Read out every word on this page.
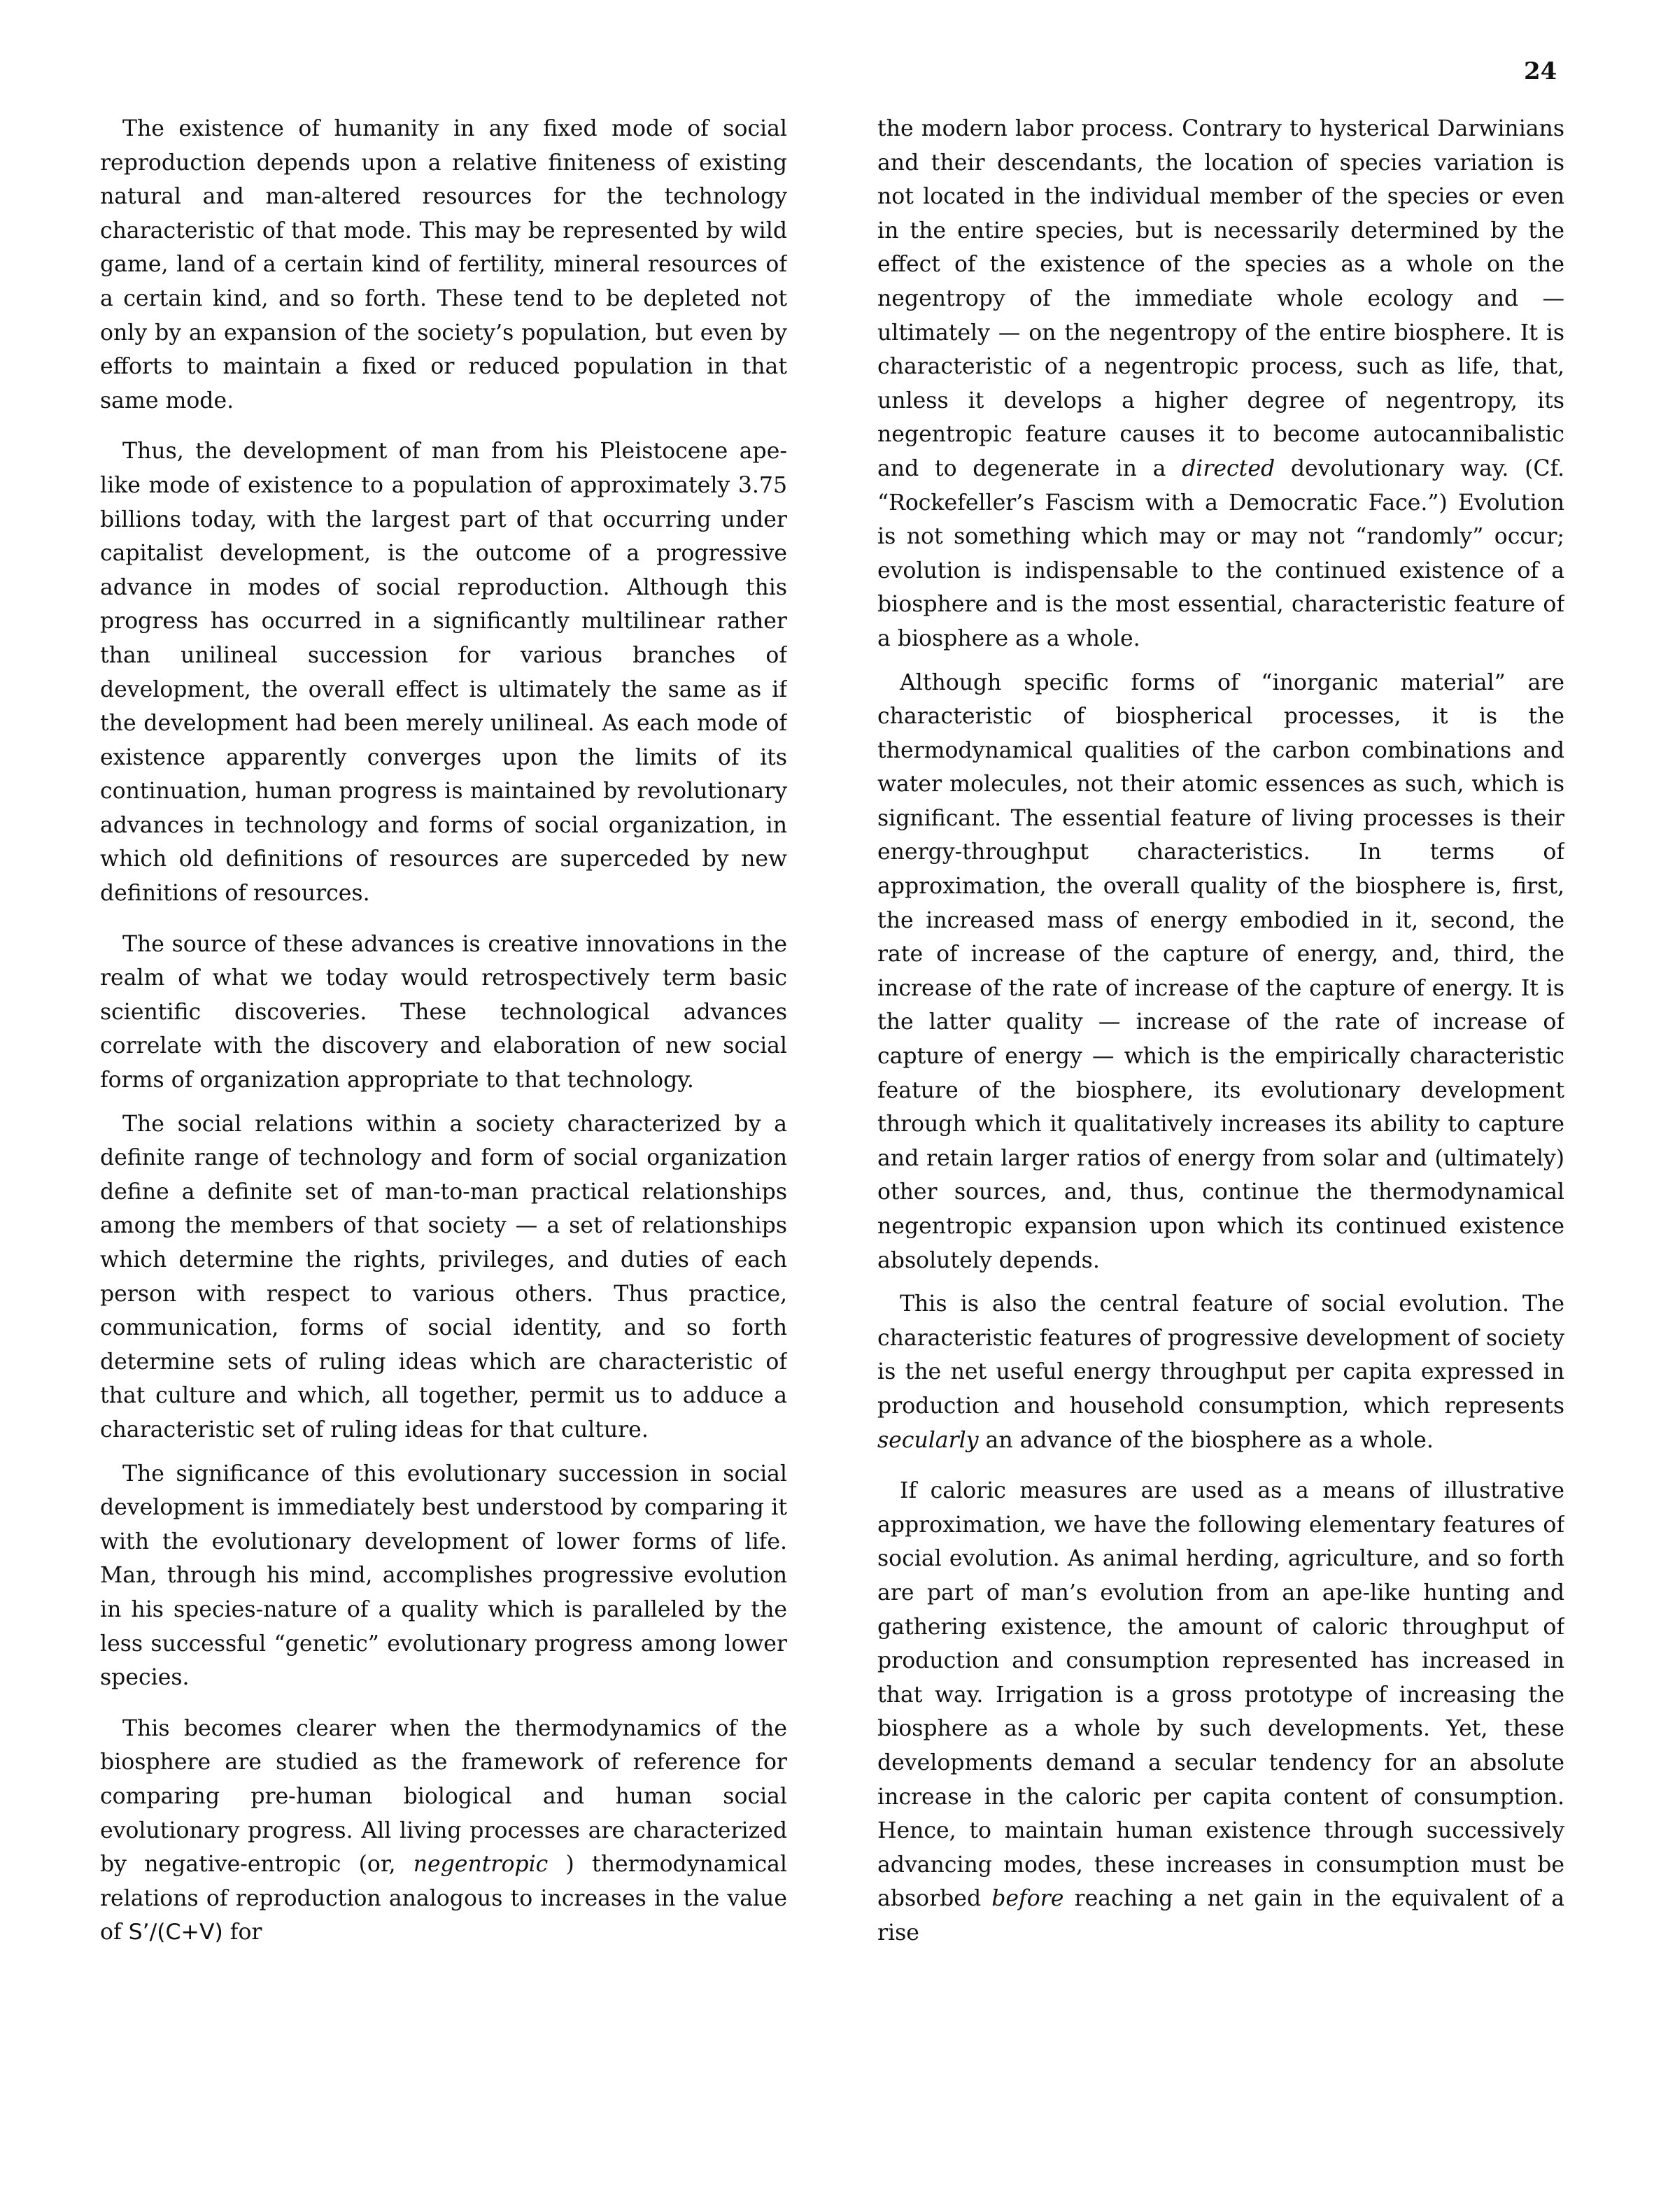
24

The existence of humanity in any fixed mode of social reproduction depends upon a relative finiteness of existing natural and man-altered resources for the technology characteristic of that mode. This may be represented by wild game, land of a certain kind of fertility, mineral resources of a certain kind, and so forth. These tend to be depleted not only by an expansion of the society’s population, but even by efforts to maintain a fixed or reduced population in that same mode.

Thus, the development of man from his Pleistocene ape-like mode of existence to a population of approximately 3.75 billions today, with the largest part of that occurring under capitalist development, is the outcome of a progressive advance in modes of social reproduction. Although this progress has occurred in a significantly multilinear rather than unilineal succession for various branches of development, the overall effect is ultimately the same as if the development had been merely unilineal. As each mode of existence apparently converges upon the limits of its continuation, human progress is maintained by revolutionary advances in technology and forms of social organization, in which old definitions of resources are superceded by new definitions of resources.

The source of these advances is creative innovations in the realm of what we today would retrospectively term basic scientific discoveries. These technological advances correlate with the discovery and elaboration of new social forms of organization appropriate to that technology.

The social relations within a society characterized by a definite range of technology and form of social organization define a definite set of man-to-man practical relationships among the members of that society — a set of relationships which determine the rights, privileges, and duties of each person with respect to various others. Thus practice, communication, forms of social identity, and so forth determine sets of ruling ideas which are characteristic of that culture and which, all together, permit us to adduce a characteristic set of ruling ideas for that culture.

The significance of this evolutionary succession in social development is immediately best understood by comparing it with the evolutionary development of lower forms of life. Man, through his mind, accomplishes progressive evolution in his species-nature of a quality which is paralleled by the less successful “genetic” evolutionary progress among lower species.

This becomes clearer when the thermodynamics of the biosphere are studied as the framework of reference for comparing pre-human biological and human social evolutionary progress. All living processes are characterized by negative-entropic (or, negentropic ) thermodynamical relations of reproduction analogous to increases in the value of S’/(C+V) for

the modern labor process. Contrary to hysterical Darwinians and their descendants, the location of species variation is not located in the individual member of the species or even in the entire species, but is necessarily determined by the effect of the existence of the species as a whole on the negentropy of the immediate whole ecology and — ultimately — on the negentropy of the entire biosphere. It is characteristic of a negentropic process, such as life, that, unless it develops a higher degree of negentropy, its negentropic feature causes it to become autocannibalistic and to degenerate in a directed devolutionary way. (Cf. “Rockefeller’s Fascism with a Democratic Face.”) Evolution is not something which may or may not “randomly” occur; evolution is indispensable to the continued existence of a biosphere and is the most essential, characteristic feature of a biosphere as a whole.

Although specific forms of “inorganic material” are characteristic of biospherical processes, it is the thermodynamical qualities of the carbon combinations and water molecules, not their atomic essences as such, which is significant. The essential feature of living processes is their energy-throughput characteristics. In terms of approximation, the overall quality of the biosphere is, first, the increased mass of energy embodied in it, second, the rate of increase of the capture of energy, and, third, the increase of the rate of increase of the capture of energy. It is the latter quality — increase of the rate of increase of capture of energy — which is the empirically characteristic feature of the biosphere, its evolutionary development through which it qualitatively increases its ability to capture and retain larger ratios of energy from solar and (ultimately) other sources, and, thus, continue the thermodynamical negentropic expansion upon which its continued existence absolutely depends.

This is also the central feature of social evolution. The characteristic features of progressive development of society is the net useful energy throughput per capita expressed in production and household consumption, which represents secularly an advance of the biosphere as a whole.

If caloric measures are used as a means of illustrative approximation, we have the following elementary features of social evolution. As animal herding, agriculture, and so forth are part of man’s evolution from an ape-like hunting and gathering existence, the amount of caloric throughput of production and consumption represented has increased in that way. Irrigation is a gross prototype of increasing the biosphere as a whole by such developments. Yet, these developments demand a secular tendency for an absolute increase in the caloric per capita content of consumption. Hence, to maintain human existence through successively advancing modes, these increases in consumption must be absorbed before reaching a net gain in the equivalent of a rise
